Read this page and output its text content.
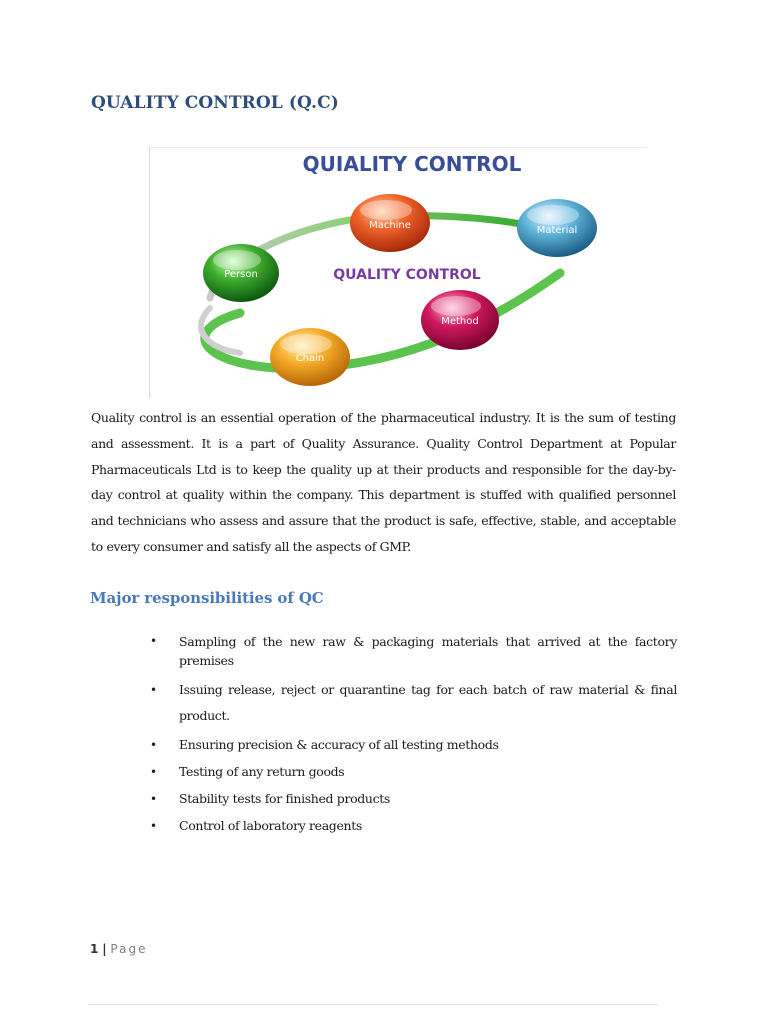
QUALITY CONTROL (Q.C)
QUIALITY CONTROL
QUALITY CONTROL
Machine	Material
Person
Method
Chain

Quality control is an essential operation of the pharmaceutical industry. It is the sum of testing and assessment. It is a part of Quality Assurance. Quality Control Department at Popular Pharmaceuticals Ltd is to keep the quality up at their products and responsible for the day-by-day control at quality within the company. This department is stuffed with qualified personnel and technicians who assess and assure that the product is safe, effective, stable, and acceptable to every consumer and satisfy all the aspects of GMP.

Major responsibilities of QC
• Sampling of the new raw & packaging materials that arrived at the factory premises
• Issuing release, reject or quarantine tag for each batch of raw material & final product.
• Ensuring precision & accuracy of all testing methods
• Testing of any return goods
• Stability tests for finished products
• Control of laboratory reagents
1 | Page
